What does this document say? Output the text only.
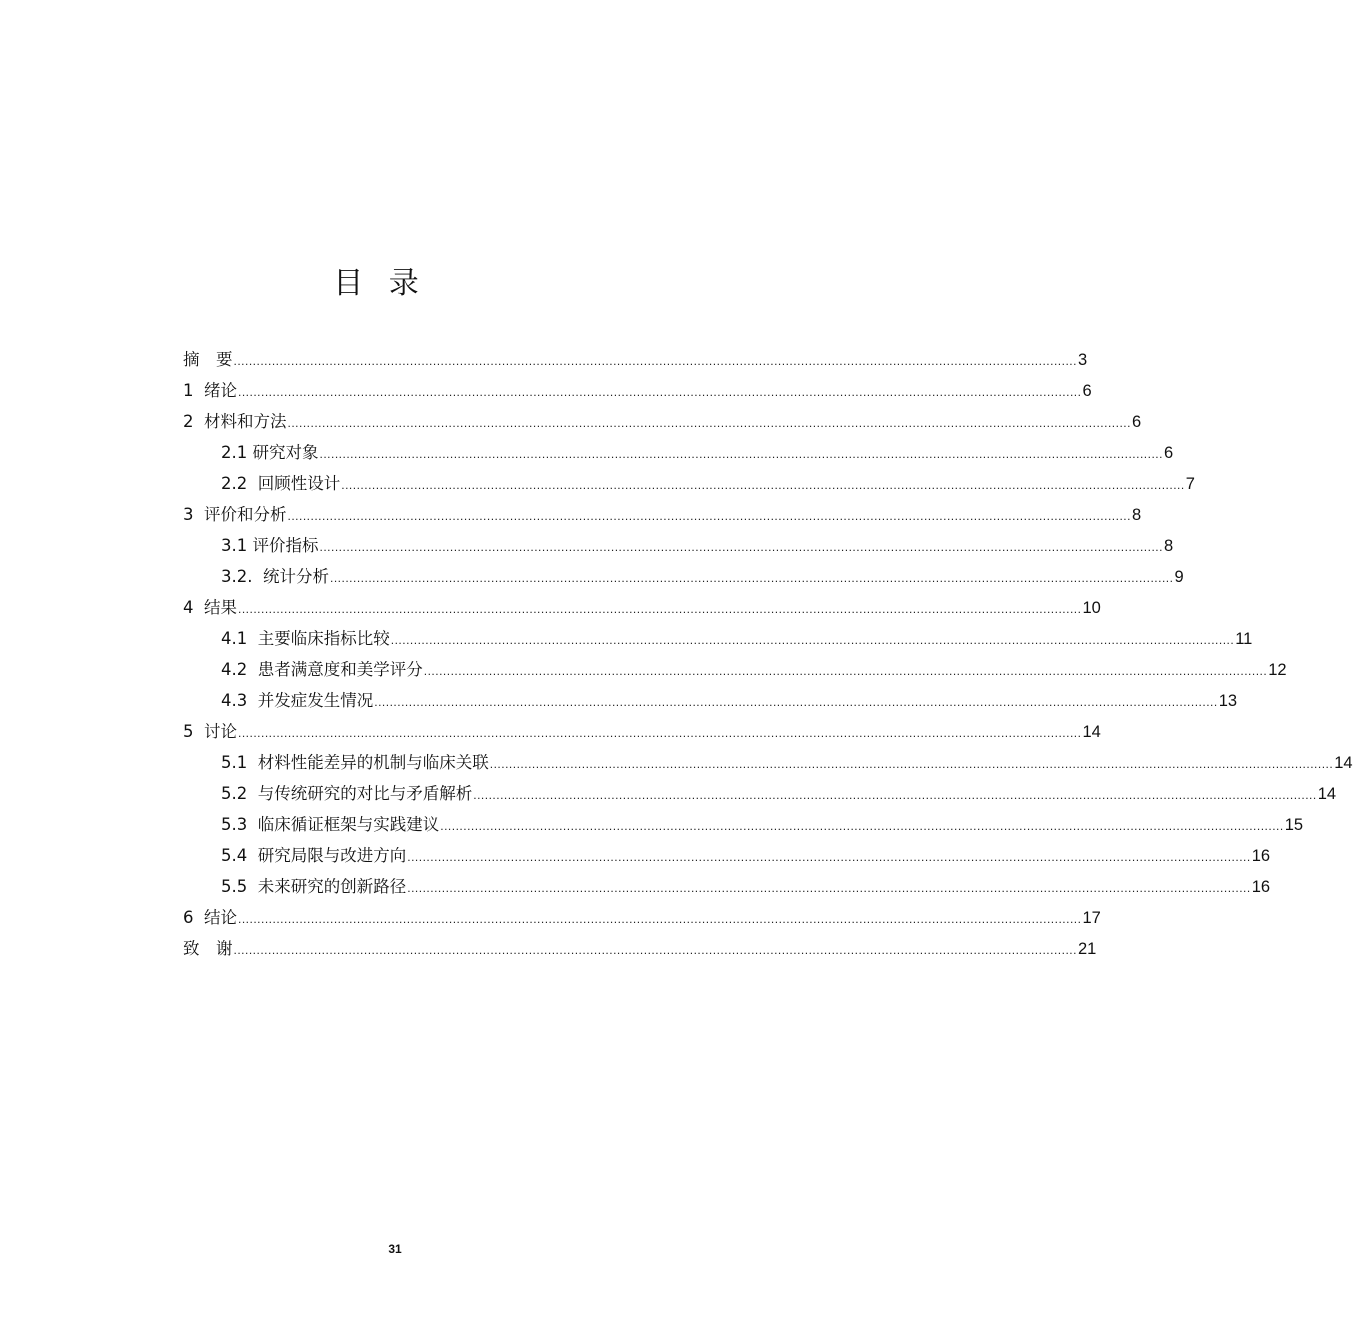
目 录
摘　要 ............................................................................................................................................................................................................................ 3
1  绪论 ............................................................................................................................................................................................................................ 6
2  材料和方法 ............................................................................................................................................................................................................................ 6
2.1 研究对象 ............................................................................................................................................................................................................................ 6
2.2  回顾性设计 ............................................................................................................................................................................................................................ 7
3  评价和分析 ............................................................................................................................................................................................................................ 8
3.1 评价指标 ............................................................................................................................................................................................................................ 8
3.2.  统计分析 ............................................................................................................................................................................................................................ 9
4  结果 ............................................................................................................................................................................................................................ 10
4.1  主要临床指标比较 ............................................................................................................................................................................................................................ 11
4.2  患者满意度和美学评分 ............................................................................................................................................................................................................................ 12
4.3  并发症发生情况 ............................................................................................................................................................................................................................ 13
5  讨论 ............................................................................................................................................................................................................................ 14
5.1  材料性能差异的机制与临床关联 ............................................................................................................................................................................................................................ 14
5.2  与传统研究的对比与矛盾解析 ............................................................................................................................................................................................................................ 14
5.3  临床循证框架与实践建议 ............................................................................................................................................................................................................................ 15
5.4  研究局限与改进方向 ............................................................................................................................................................................................................................ 16
5.5  未来研究的创新路径 ............................................................................................................................................................................................................................ 16
6  结论 ............................................................................................................................................................................................................................ 17
致　谢 ............................................................................................................................................................................................................................ 21
31
